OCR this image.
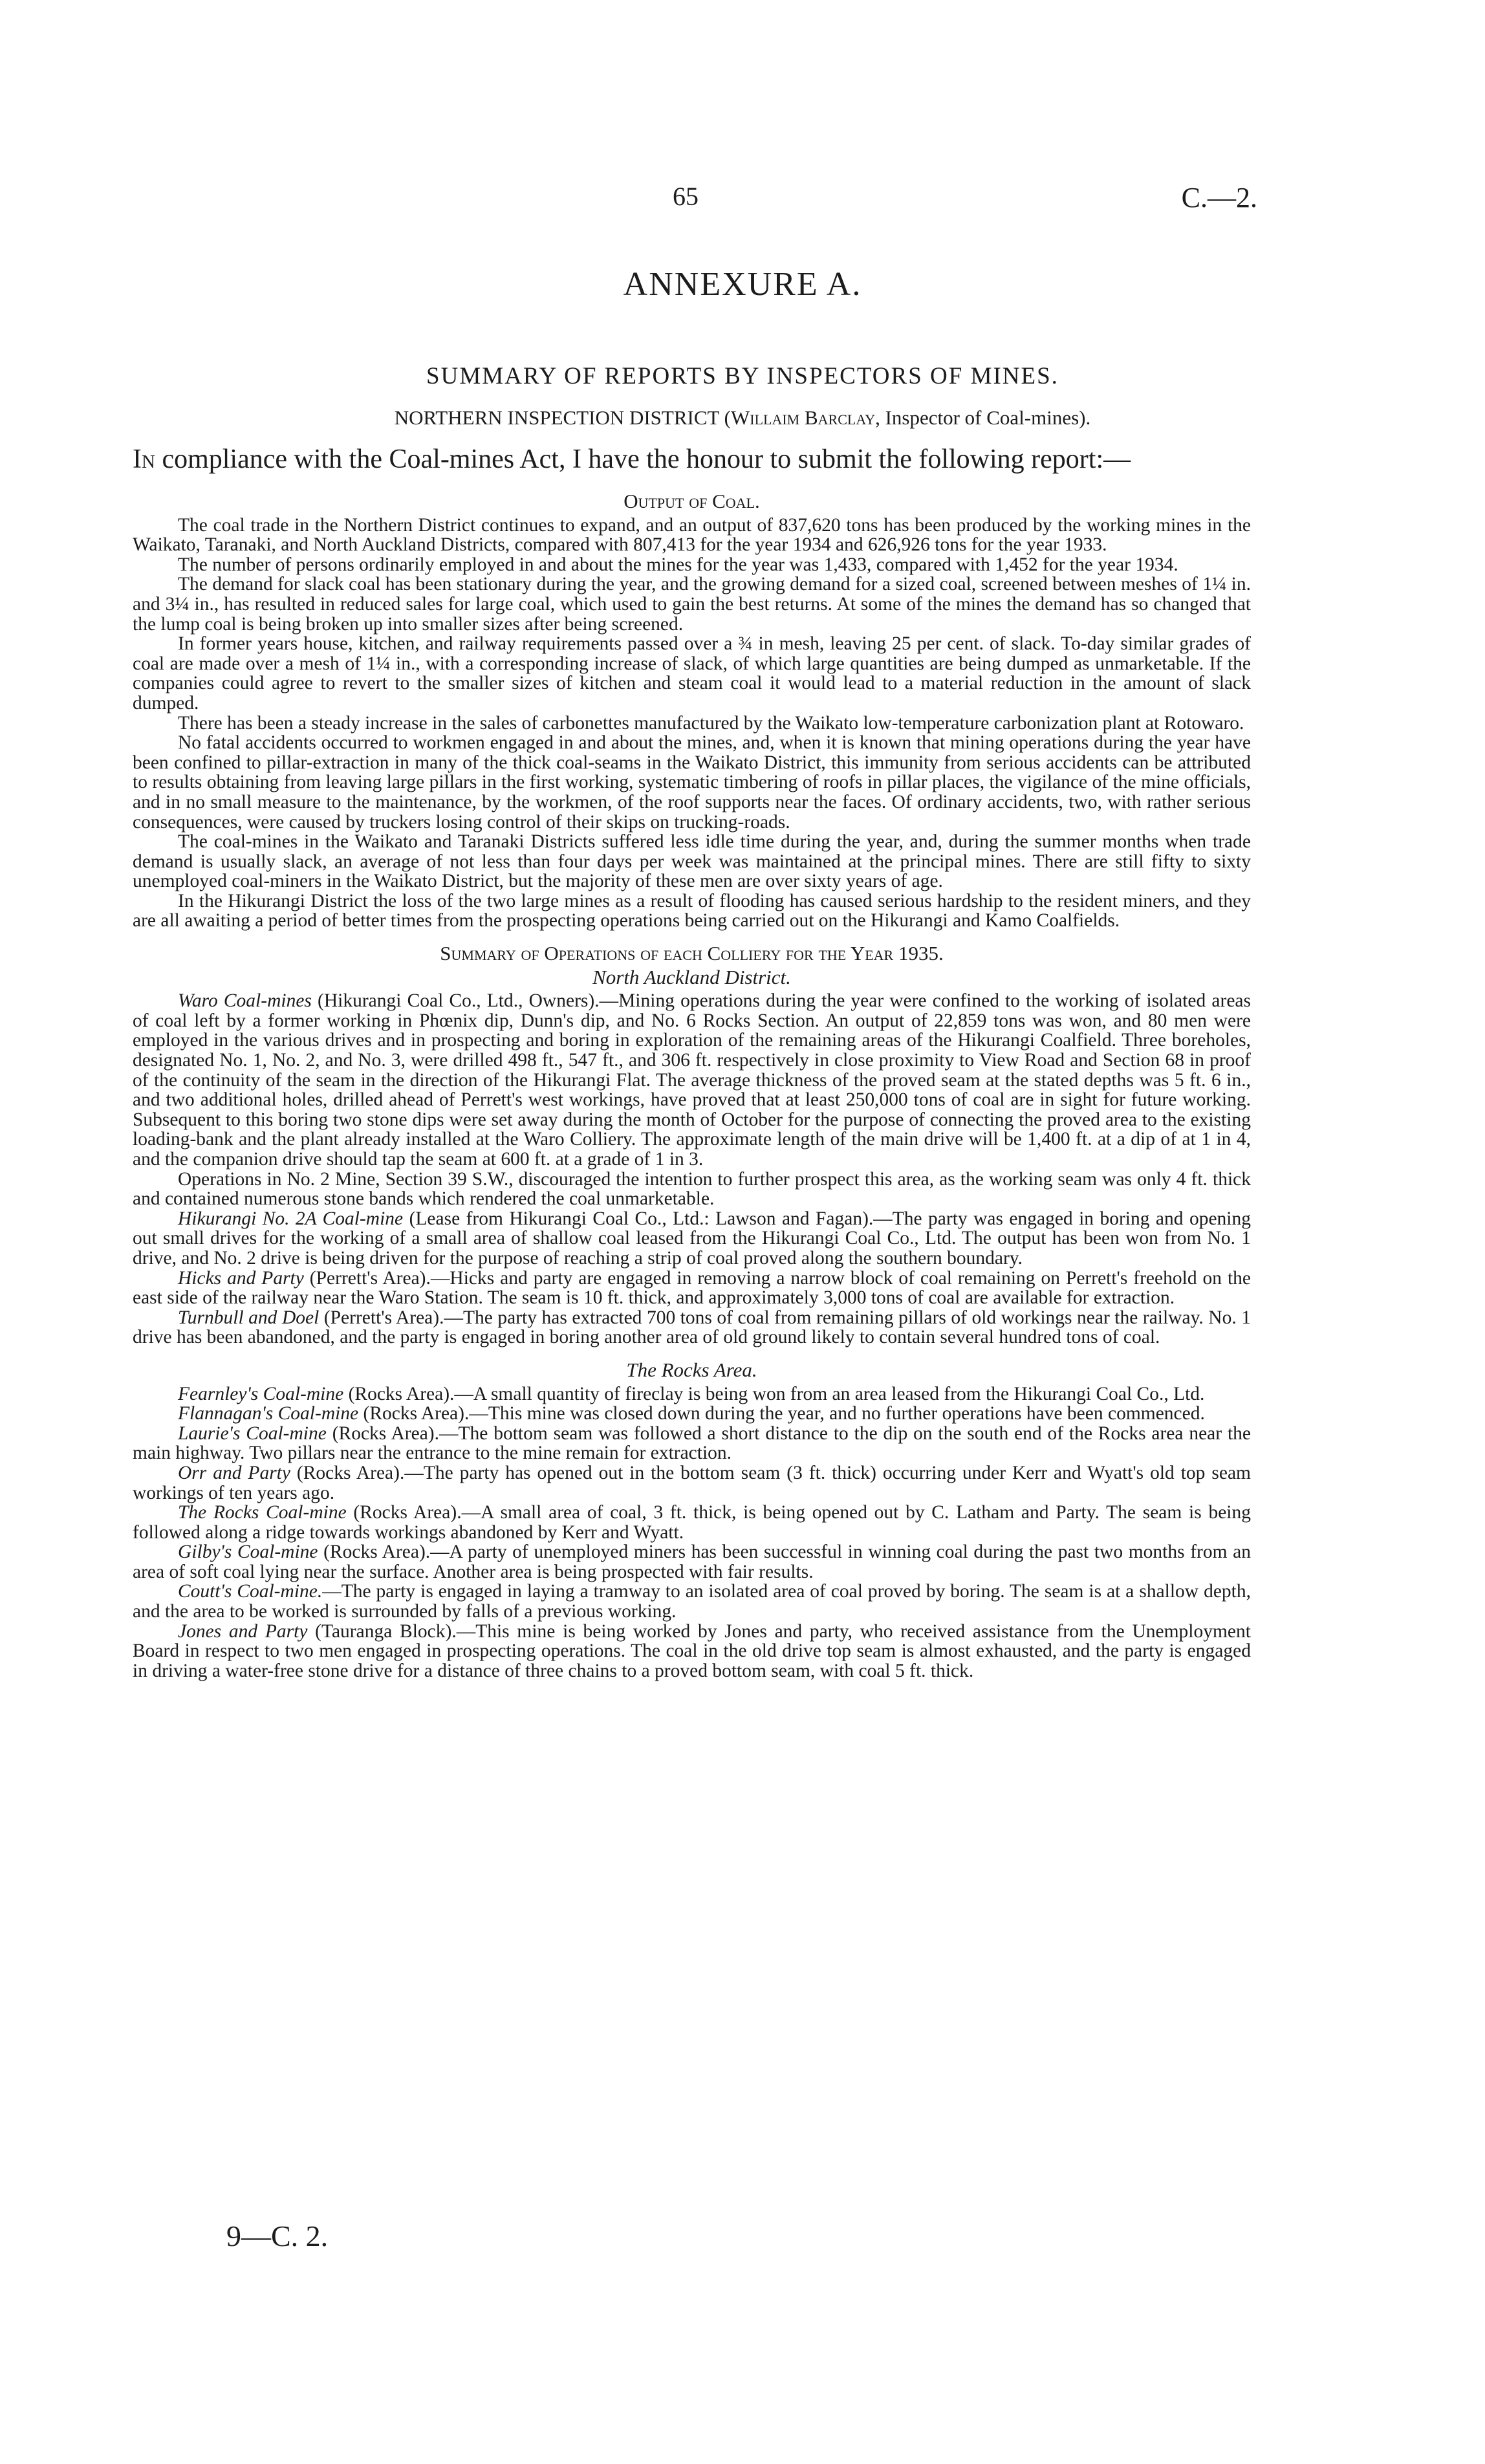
65	C.—2.
ANNEXURE A.
SUMMARY OF REPORTS BY INSPECTORS OF MINES.
NORTHERN INSPECTION DISTRICT (Willaim Barclay, Inspector of Coal-mines).
In compliance with the Coal-mines Act, I have the honour to submit the following report:—
Output of Coal.

The coal trade in the Northern District continues to expand, and an output of 837,620 tons has been produced by the working mines in the Waikato, Taranaki, and North Auckland Districts, compared with 807,413 for the year 1934 and 626,926 tons for the year 1933.

The number of persons ordinarily employed in and about the mines for the year was 1,433, compared with 1,452 for the year 1934.

The demand for slack coal has been stationary during the year, and the growing demand for a sized coal, screened between meshes of 1¼ in. and 3¼ in., has resulted in reduced sales for large coal, which used to gain the best returns. At some of the mines the demand has so changed that the lump coal is being broken up into smaller sizes after being screened.

In former years house, kitchen, and railway requirements passed over a ¾ in mesh, leaving 25 per cent. of slack. To-day similar grades of coal are made over a mesh of 1¼ in., with a corresponding increase of slack, of which large quantities are being dumped as unmarketable. If the companies could agree to revert to the smaller sizes of kitchen and steam coal it would lead to a material reduction in the amount of slack dumped.

There has been a steady increase in the sales of carbonettes manufactured by the Waikato low-temperature carbonization plant at Rotowaro.

No fatal accidents occurred to workmen engaged in and about the mines, and, when it is known that mining operations during the year have been confined to pillar-extraction in many of the thick coal-seams in the Waikato District, this immunity from serious accidents can be attributed to results obtaining from leaving large pillars in the first working, systematic timbering of roofs in pillar places, the vigilance of the mine officials, and in no small measure to the maintenance, by the workmen, of the roof supports near the faces. Of ordinary accidents, two, with rather serious consequences, were caused by truckers losing control of their skips on trucking-roads.

The coal-mines in the Waikato and Taranaki Districts suffered less idle time during the year, and, during the summer months when trade demand is usually slack, an average of not less than four days per week was maintained at the principal mines. There are still fifty to sixty unemployed coal-miners in the Waikato District, but the majority of these men are over sixty years of age.

In the Hikurangi District the loss of the two large mines as a result of flooding has caused serious hardship to the resident miners, and they are all awaiting a period of better times from the prospecting operations being carried out on the Hikurangi and Kamo Coalfields.

Summary of Operations of each Colliery for the Year 1935.
North Auckland District.

Waro Coal-mines (Hikurangi Coal Co., Ltd., Owners).—Mining operations during the year were confined to the working of isolated areas of coal left by a former working in Phœnix dip, Dunn's dip, and No. 6 Rocks Section. An output of 22,859 tons was won, and 80 men were employed in the various drives and in prospecting and boring in exploration of the remaining areas of the Hikurangi Coalfield. Three boreholes, designated No. 1, No. 2, and No. 3, were drilled 498 ft., 547 ft., and 306 ft. respectively in close proximity to View Road and Section 68 in proof of the continuity of the seam in the direction of the Hikurangi Flat. The average thickness of the proved seam at the stated depths was 5 ft. 6 in., and two additional holes, drilled ahead of Perrett's west workings, have proved that at least 250,000 tons of coal are in sight for future working. Subsequent to this boring two stone dips were set away during the month of October for the purpose of connecting the proved area to the existing loading-bank and the plant already installed at the Waro Colliery. The approximate length of the main drive will be 1,400 ft. at a dip of at 1 in 4, and the companion drive should tap the seam at 600 ft. at a grade of 1 in 3.

Operations in No. 2 Mine, Section 39 S.W., discouraged the intention to further prospect this area, as the working seam was only 4 ft. thick and contained numerous stone bands which rendered the coal unmarketable.

Hikurangi No. 2A Coal-mine (Lease from Hikurangi Coal Co., Ltd.: Lawson and Fagan).—The party was engaged in boring and opening out small drives for the working of a small area of shallow coal leased from the Hikurangi Coal Co., Ltd. The output has been won from No. 1 drive, and No. 2 drive is being driven for the purpose of reaching a strip of coal proved along the southern boundary.

Hicks and Party (Perrett's Area).—Hicks and party are engaged in removing a narrow block of coal remaining on Perrett's freehold on the east side of the railway near the Waro Station. The seam is 10 ft. thick, and approximately 3,000 tons of coal are available for extraction.

Turnbull and Doel (Perrett's Area).—The party has extracted 700 tons of coal from remaining pillars of old workings near the railway. No. 1 drive has been abandoned, and the party is engaged in boring another area of old ground likely to contain several hundred tons of coal.

The Rocks Area.

Fearnley's Coal-mine (Rocks Area).—A small quantity of fireclay is being won from an area leased from the Hikurangi Coal Co., Ltd.

Flannagan's Coal-mine (Rocks Area).—This mine was closed down during the year, and no further operations have been commenced.

Laurie's Coal-mine (Rocks Area).—The bottom seam was followed a short distance to the dip on the south end of the Rocks area near the main highway. Two pillars near the entrance to the mine remain for extraction.

Orr and Party (Rocks Area).—The party has opened out in the bottom seam (3 ft. thick) occurring under Kerr and Wyatt's old top seam workings of ten years ago.

The Rocks Coal-mine (Rocks Area).—A small area of coal, 3 ft. thick, is being opened out by C. Latham and Party. The seam is being followed along a ridge towards workings abandoned by Kerr and Wyatt.

Gilby's Coal-mine (Rocks Area).—A party of unemployed miners has been successful in winning coal during the past two months from an area of soft coal lying near the surface. Another area is being prospected with fair results.

Coutt's Coal-mine.—The party is engaged in laying a tramway to an isolated area of coal proved by boring. The seam is at a shallow depth, and the area to be worked is surrounded by falls of a previous working.

Jones and Party (Tauranga Block).—This mine is being worked by Jones and party, who received assistance from the Unemployment Board in respect to two men engaged in prospecting operations. The coal in the old drive top seam is almost exhausted, and the party is engaged in driving a water-free stone drive for a distance of three chains to a proved bottom seam, with coal 5 ft. thick.

9—C. 2.
